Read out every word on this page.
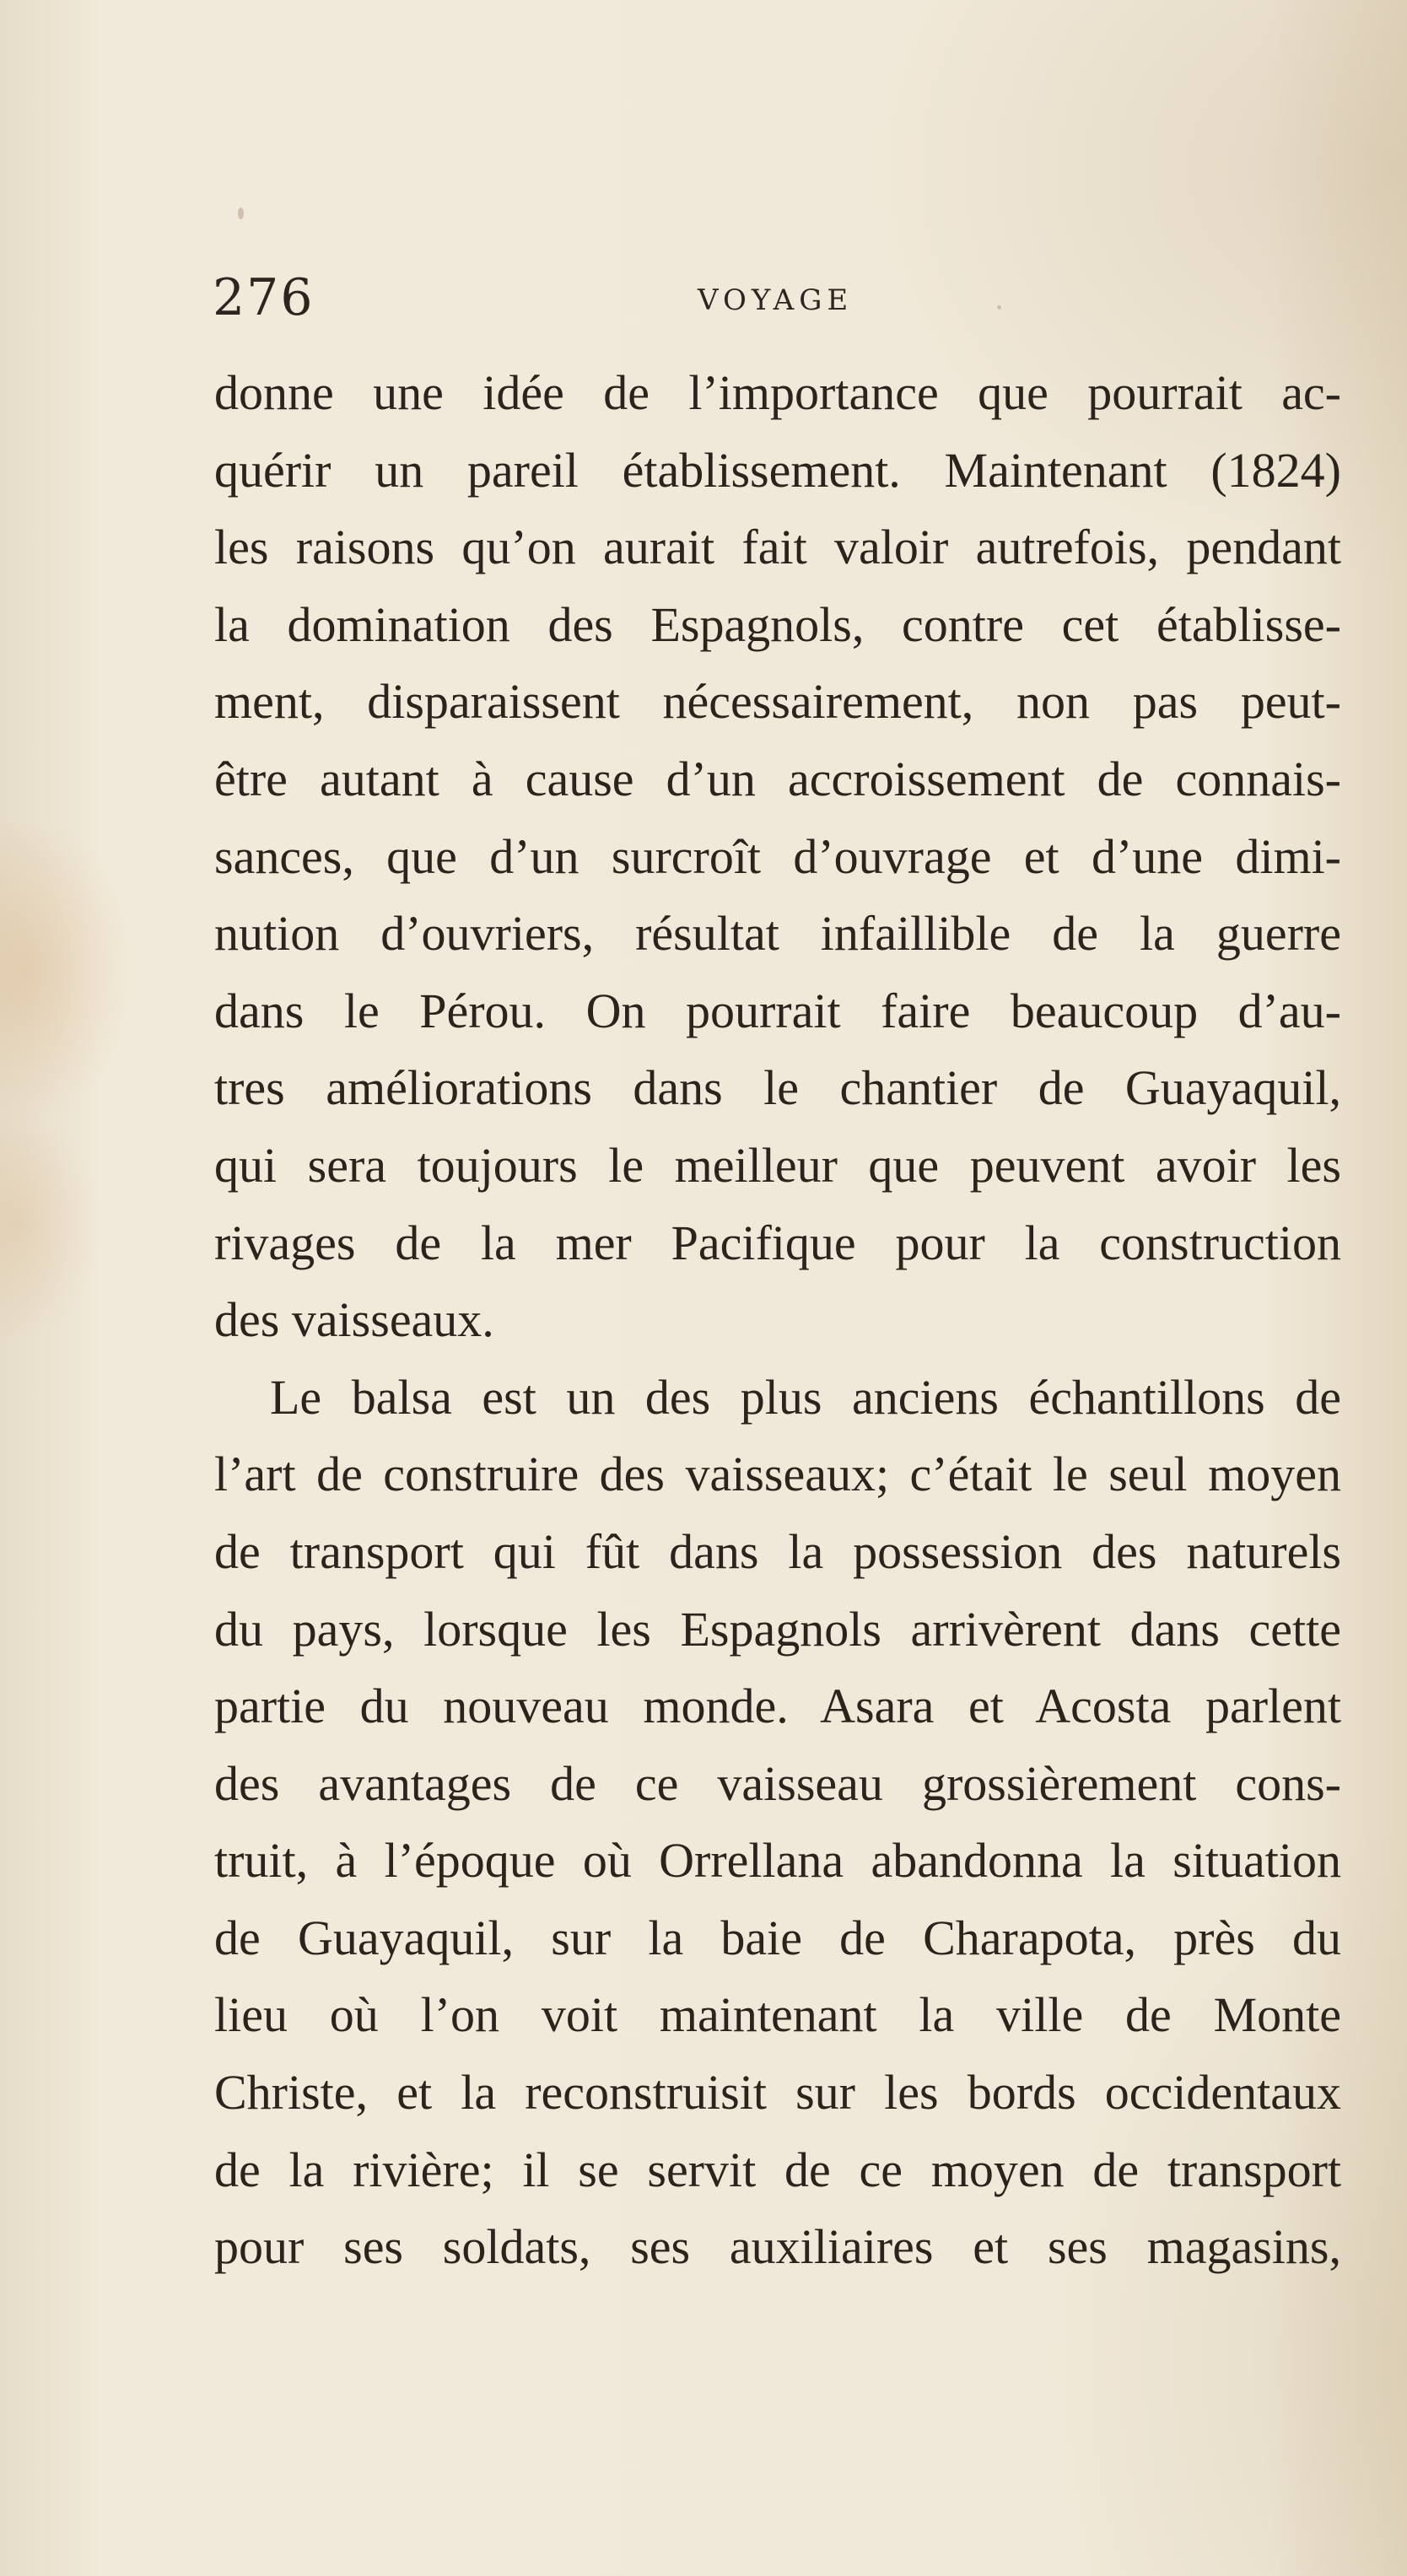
276	VOYAGE
donne une idée de l’importance que pourrait ac-
quérir un pareil établissement. Maintenant (1824)
les raisons qu’on aurait fait valoir autrefois, pendant
la domination des Espagnols, contre cet établisse-
ment, disparaissent nécessairement, non pas peut-
être autant à cause d’un accroissement de connais-
sances, que d’un surcroît d’ouvrage et d’une dimi-
nution d’ouvriers, résultat infaillible de la guerre
dans le Pérou. On pourrait faire beaucoup d’au-
tres améliorations dans le chantier de Guayaquil,
qui sera toujours le meilleur que peuvent avoir les
rivages de la mer Pacifique pour la construction
des vaisseaux.
Le balsa est un des plus anciens échantillons de
l’art de construire des vaisseaux; c’était le seul moyen
de transport qui fût dans la possession des naturels
du pays, lorsque les Espagnols arrivèrent dans cette
partie du nouveau monde. Asara et Acosta parlent
des avantages de ce vaisseau grossièrement cons-
truit, à l’époque où Orrellana abandonna la situation
de Guayaquil, sur la baie de Charapota, près du
lieu où l’on voit maintenant la ville de Monte
Christe, et la reconstruisit sur les bords occidentaux
de la rivière; il se servit de ce moyen de transport
pour ses soldats, ses auxiliaires et ses magasins,
